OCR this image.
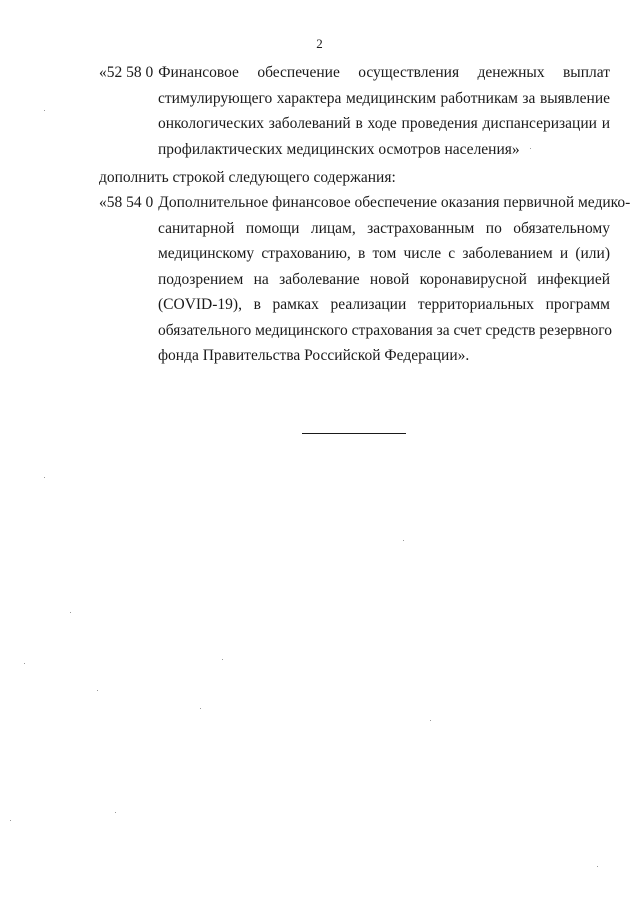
2
«52 58 0 Финансовое обеспечение осуществления денежных выплат
стимулирующего характера медицинским работникам за выявление
онкологических заболеваний в ходе проведения диспансеризации и
профилактических медицинских осмотров населения»
дополнить строкой следующего содержания:
«58 54 0 Дополнительное финансовое обеспечение оказания первичной медико-
санитарной помощи лицам, застрахованным по обязательному
медицинскому страхованию, в том числе с заболеванием и (или)
подозрением на заболевание новой коронавирусной инфекцией
(COVID-19), в рамках реализации территориальных программ
обязательного медицинского страхования за счет средств резервного
фонда Правительства Российской Федерации».
